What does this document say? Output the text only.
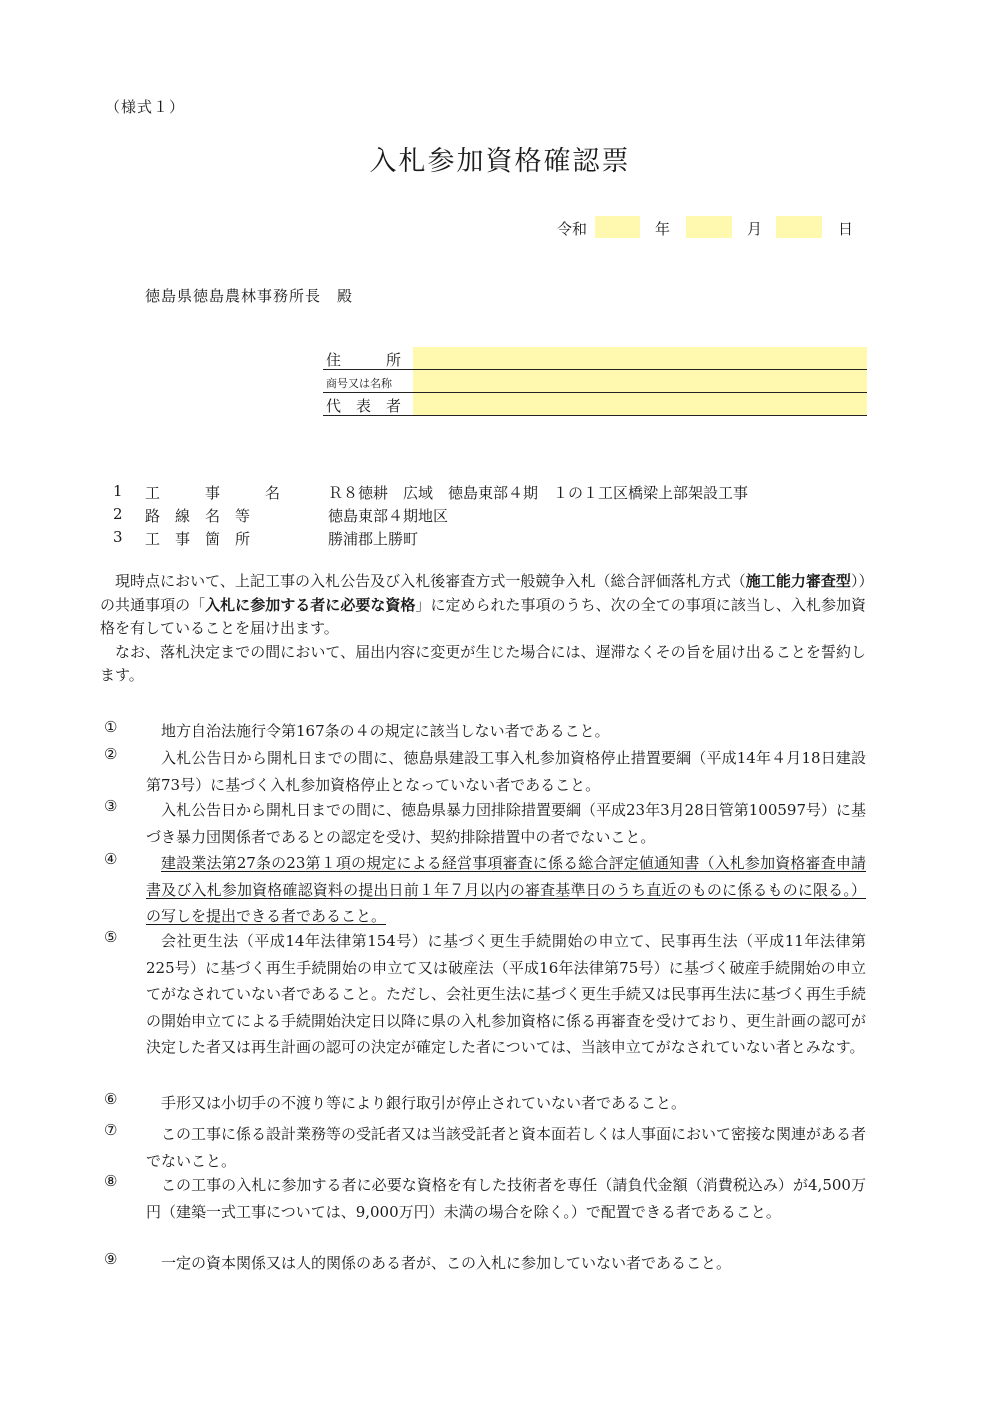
（様式１）
入札参加資格確認票
令和	年	月	日
徳島県徳島農林事務所長　殿
住　　　所
商号又は名称
代　表　者
1 工　　　事　　　名	Ｒ８徳耕　広域　徳島東部４期　１の１工区橋梁上部架設工事
2 路　線　名　等	徳島東部４期地区
3 工　事　箇　所	勝浦郡上勝町

現時点において、上記工事の入札公告及び入札後審査方式一般競争入札（総合評価落札方式（施工能力審査型））の共通事項の「入札に参加する者に必要な資格」に定められた事項のうち、次の全ての事項に該当し、入札参加資格を有していることを届け出ます。

なお、落札決定までの間において、届出内容に変更が生じた場合には、遅滞なくその旨を届け出ることを誓約します。

①	地方自治法施行令第167条の４の規定に該当しない者であること。
②	入札公告日から開札日までの間に、徳島県建設工事入札参加資格停止措置要綱（平成14年４月18日建設第73号）に基づく入札参加資格停止となっていない者であること。
③	入札公告日から開札日までの間に、徳島県暴力団排除措置要綱（平成23年3月28日管第100597号）に基づき暴力団関係者であるとの認定を受け、契約排除措置中の者でないこと。
④	建設業法第27条の23第１項の規定による経営事項審査に係る総合評定値通知書（入札参加資格審査申請書及び入札参加資格確認資料の提出日前１年７月以内の審査基準日のうち直近のものに係るものに限る。）の写しを提出できる者であること。
⑤	会社更生法（平成14年法律第154号）に基づく更生手続開始の申立て、民事再生法（平成11年法律第225号）に基づく再生手続開始の申立て又は破産法（平成16年法律第75号）に基づく破産手続開始の申立てがなされていない者であること。ただし、会社更生法に基づく更生手続又は民事再生法に基づく再生手続の開始申立てによる手続開始決定日以降に県の入札参加資格に係る再審査を受けており、更生計画の認可が決定した者又は再生計画の認可の決定が確定した者については、当該申立てがなされていない者とみなす。
⑥	手形又は小切手の不渡り等により銀行取引が停止されていない者であること。
⑦	この工事に係る設計業務等の受託者又は当該受託者と資本面若しくは人事面において密接な関連がある者でないこと。
⑧	この工事の入札に参加する者に必要な資格を有した技術者を専任（請負代金額（消費税込み）が4,500万円（建築一式工事については、9,000万円）未満の場合を除く。）で配置できる者であること。
⑨	一定の資本関係又は人的関係のある者が、この入札に参加していない者であること。
